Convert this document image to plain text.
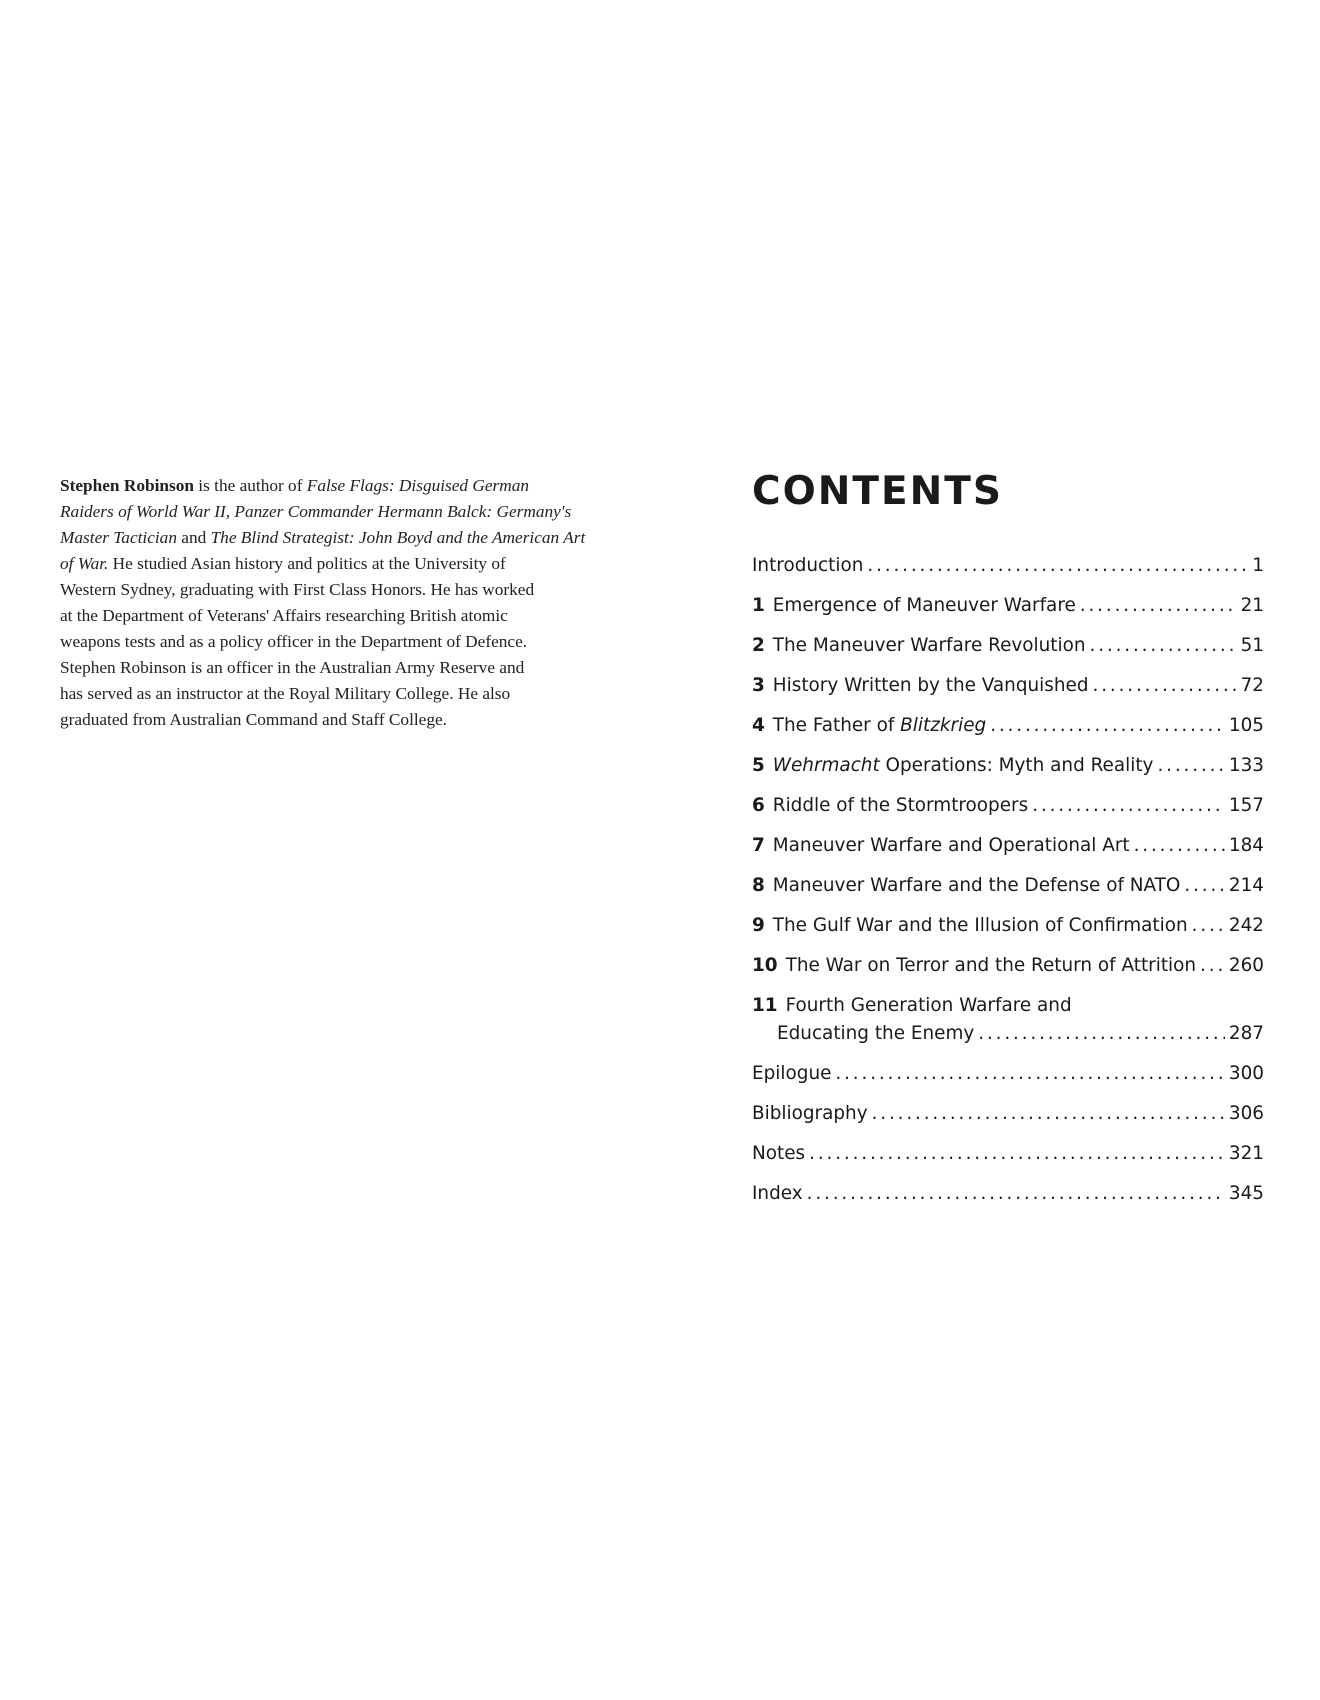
Stephen Robinson is the author of False Flags: Disguised German
Raiders of World War II, Panzer Commander Hermann Balck: Germany's
Master Tactician and The Blind Strategist: John Boyd and the American Art
of War. He studied Asian history and politics at the University of
Western Sydney, graduating with First Class Honors. He has worked
at the Department of Veterans' Affairs researching British atomic
weapons tests and as a policy officer in the Department of Defence.
Stephen Robinson is an officer in the Australian Army Reserve and
has served as an instructor at the Royal Military College. He also
graduated from Australian Command and Staff College.
CONTENTS
Introduction . . .	1
1 Emergence of Maneuver Warfare . . .	21
2 The Maneuver Warfare Revolution . . .	51
3 History Written by the Vanquished . . .	72
4 The Father of Blitzkrieg . . .	105
5 Wehrmacht Operations: Myth and Reality . . .	133
6 Riddle of the Stormtroopers . . .	157
7 Maneuver Warfare and Operational Art . . .	184
8 Maneuver Warfare and the Defense of NATO . . .	214
9 The Gulf War and the Illusion of Confirmation . . . 242
10 The War on Terror and the Return of Attrition . . . 260
11 Fourth Generation Warfare and
Educating the Enemy . . .	287
Epilogue . . .	300
Bibliography . . .	306
Notes . . .	321
Index . . .	345
